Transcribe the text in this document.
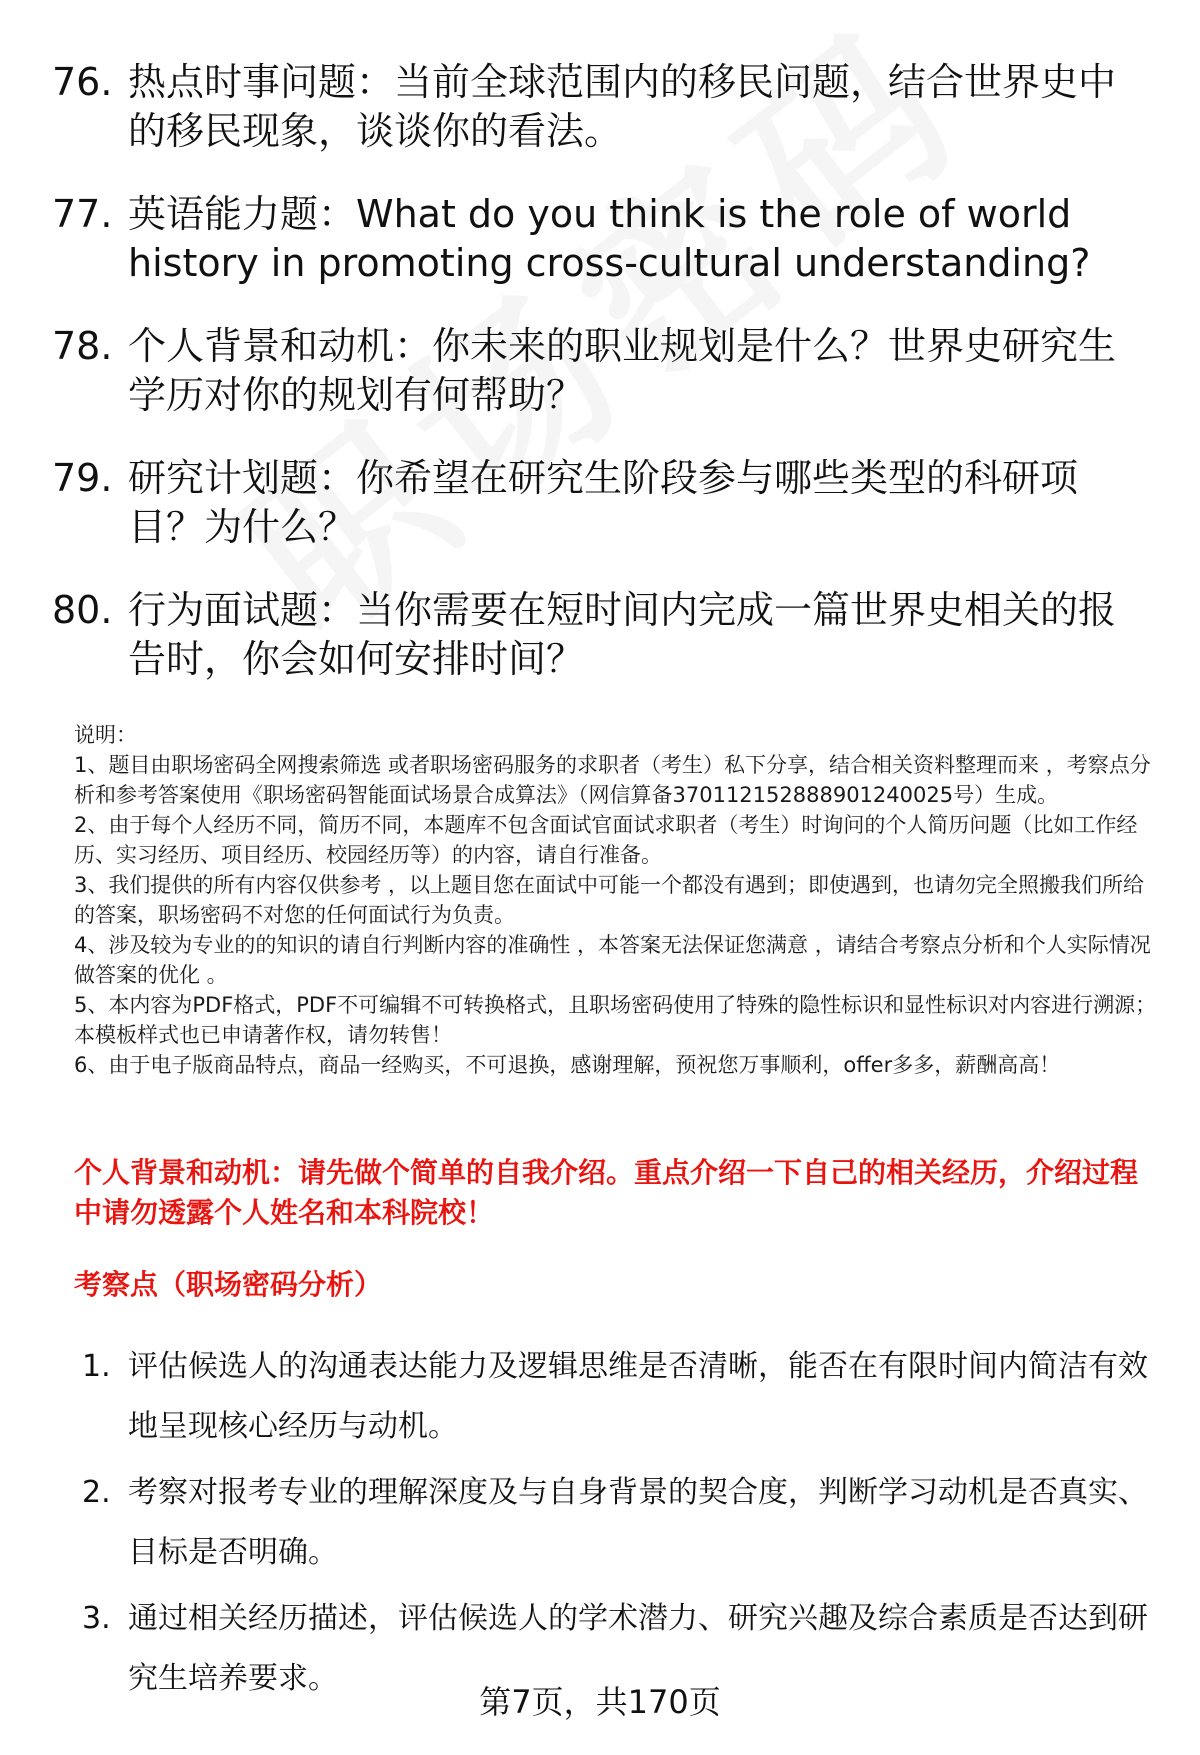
76. 热点时事问题：当前全球范围内的移民问题，结合世界史中的移民现象，谈谈你的看法。
77. 英语能力题：What do you think is the role of world history in promoting cross-cultural understanding?
78. 个人背景和动机：你未来的职业规划是什么？世界史研究生学历对你的规划有何帮助？
79. 研究计划题：你希望在研究生阶段参与哪些类型的科研项目？为什么？
80. 行为面试题：当你需要在短时间内完成一篇世界史相关的报告时，你会如何安排时间？

说明：

1、题目由职场密码全网搜索筛选 或者职场密码服务的求职者（考生）私下分享，结合相关资料整理而来 ，考察点分析和参考答案使用《职场密码智能面试场景合成算法》（网信算备370112152888901240025号）生成。

2、由于每个人经历不同，简历不同，本题库不包含面试官面试求职者（考生）时询问的个人简历问题（比如工作经历、实习经历、项目经历、校园经历等）的内容，请自行准备。

3、我们提供的所有内容仅供参考 ，以上题目您在面试中可能一个都没有遇到；即使遇到，也请勿完全照搬我们所给的答案，职场密码不对您的任何面试行为负责。

4、涉及较为专业的的知识的请自行判断内容的准确性 ，本答案无法保证您满意 ，请结合考察点分析和个人实际情况做答案的优化 。

5、本内容为PDF格式，PDF不可编辑不可转换格式，且职场密码使用了特殊的隐性标识和显性标识对内容进行溯源；本模板样式也已申请著作权，请勿转售！

6、由于电子版商品特点，商品一经购买，不可退换，感谢理解，预祝您万事顺利，offer多多，薪酬高高！

个人背景和动机：请先做个简单的自我介绍。重点介绍一下自己的相关经历，介绍过程中请勿透露个人姓名和本科院校！
考察点（职场密码分析）
1. 评估候选人的沟通表达能力及逻辑思维是否清晰，能否在有限时间内简洁有效地呈现核心经历与动机。
2. 考察对报考专业的理解深度及与自身背景的契合度，判断学习动机是否真实、目标是否明确。
3. 通过相关经历描述，评估候选人的学术潜力、研究兴趣及综合素质是否达到研究生培养要求。
第7页，共170页
